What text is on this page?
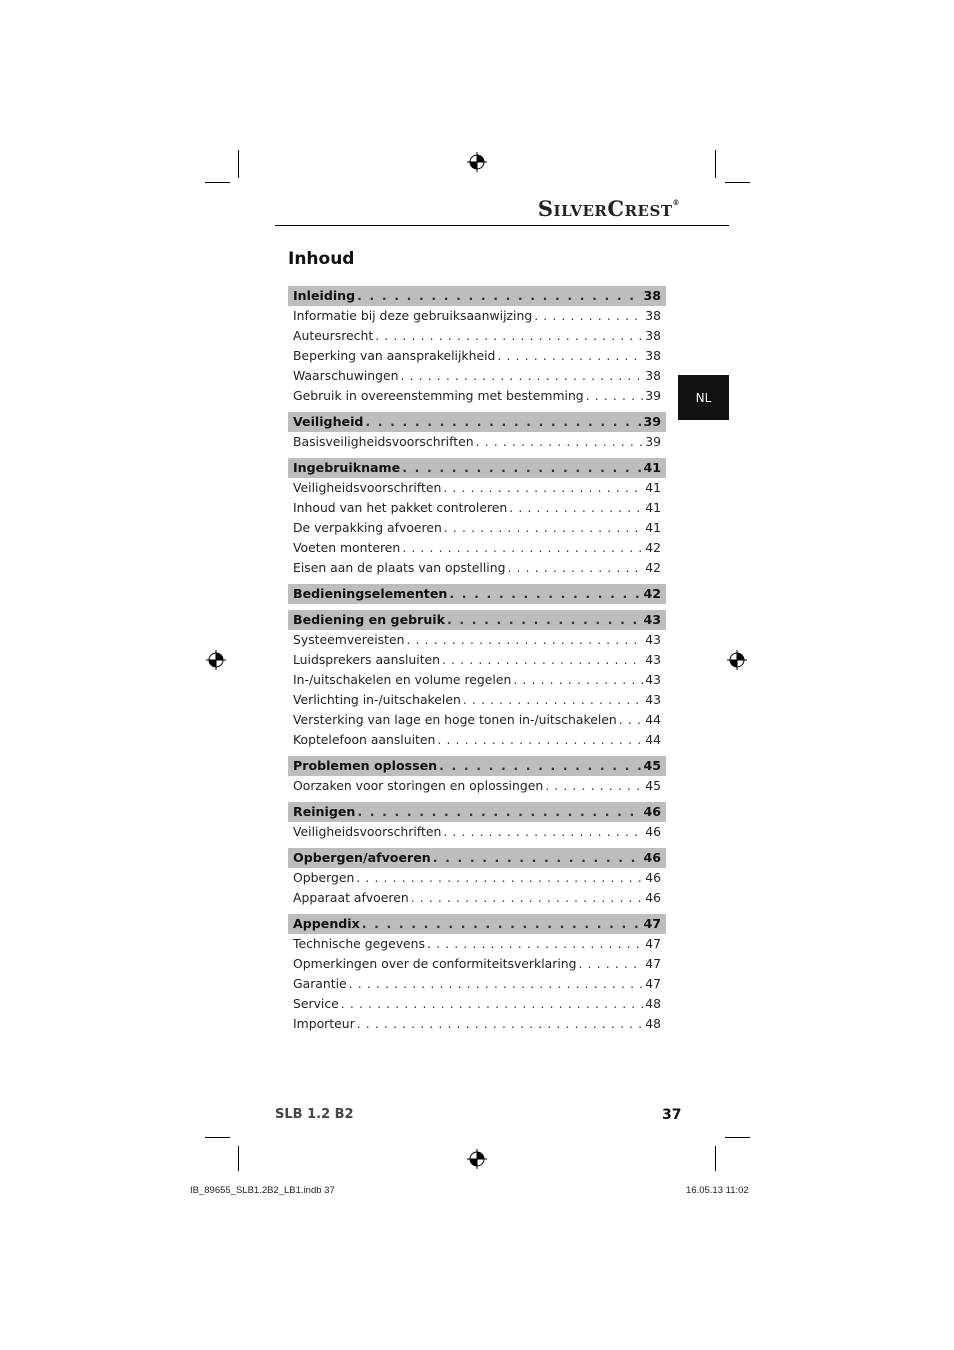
SILVERCREST®
Inhoud
NL
Inleiding . . .	38
Informatie bij deze gebruiksaanwijzing . . .	38
Auteursrecht . . .	38
Beperking van aansprakelijkheid . . .	38
Waarschuwingen . . .	38
Gebruik in overeenstemming met bestemming . . .	39
Veiligheid . . .	39
Basisveiligheidsvoorschriften . . .	39
Ingebruikname . . .	41
Veiligheidsvoorschriften . . .	41
Inhoud van het pakket controleren . . .	41
De verpakking afvoeren . . .	41
Voeten monteren . . .	42
Eisen aan de plaats van opstelling . . .	42
Bedieningselementen . . .	42
Bediening en gebruik . . .	43
Systeemvereisten . . .	43
Luidsprekers aansluiten . . .	43
In-/uitschakelen en volume regelen . . .	43
Verlichting in-/uitschakelen . . .	43
Versterking van lage en hoge tonen in-/uitschakelen . . . 44
Koptelefoon aansluiten . . .	44
Problemen oplossen . . .	45
Oorzaken voor storingen en oplossingen . . .	45
Reinigen . . .	46
Veiligheidsvoorschriften . . .	46
Opbergen/afvoeren . . .	46
Opbergen . . .	46
Apparaat afvoeren . . .	46
Appendix . . .	47
Technische gegevens . . .	47
Opmerkingen over de conformiteitsverklaring . . .	47
Garantie . . .	47
Service . . .	48
Importeur . . .	48
SLB 1.2 B2	37
IB_89655_SLB1.2B2_LB1.indb 37	16.05.13 11:02
